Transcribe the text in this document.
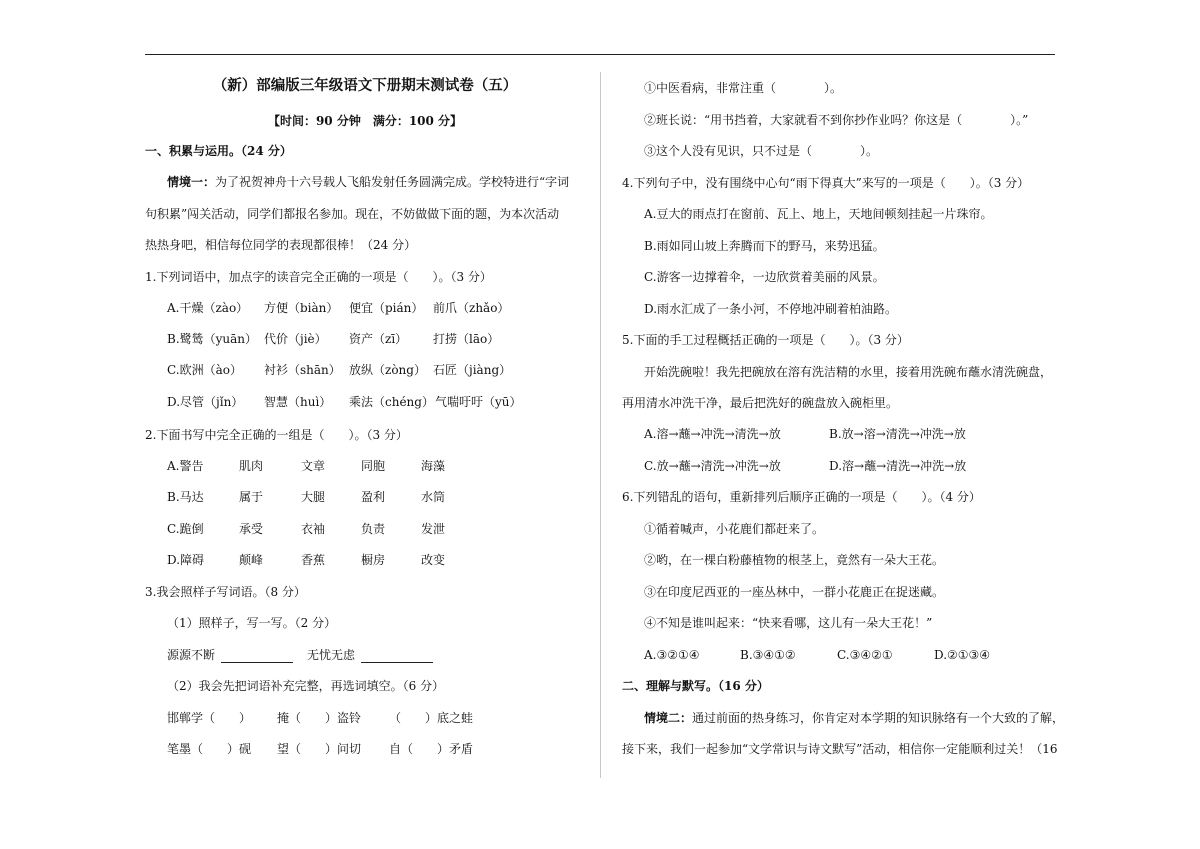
（新）部编版三年级语文下册期末测试卷（五）
【时间：90 分钟　满分：100 分】
一、积累与运用。（24 分）
情境一：为了祝贺神舟十六号载人飞船发射任务圆满完成。学校特进行“字词
句积累”闯关活动，同学们都报名参加。现在，不妨做做下面的题，为本次活动
热热身吧，相信每位同学的表现都很棒！（24 分）
1.下列词语中，加点字的读音完全正确的一项是（　　）。（3 分）
A.干燥（zào） 方便（biàn） 便宜（pián） 前爪（zhǎo）
B.鹭鸶（yuān） 代价（jiè） 资产（zī） 打捞（lāo）
C.欧洲（ào） 衬衫（shān） 放纵（zòng） 石匠（jiàng）
D.尽管（jǐn） 智慧（huì） 乘法（chéng）气喘吁吁（yū）
2.下面书写中完全正确的一组是（　　）。（3 分）
A.警告	肌肉	文章	同胞	海藻
B.马达	属于	大腿	盈利	水筒
C.跪倒	承受	衣袖	负责	发泄
D.障碍	颠峰	香蕉	橱房	改变
3.我会照样子写词语。（8 分）
（1）照样子，写一写。（2 分）
源源不断	无忧无虑
（2）我会先把词语补充完整，再选词填空。（6 分）
邯郸学（　　） 掩（　　）盗铃 （　　）底之蛙
笔墨（　　）砚 望（　　）问切 自（　　）矛盾
①中医看病，非常注重（　　　　）。
②班长说：“用书挡着，大家就看不到你抄作业吗？你这是（　　　　）。”
③这个人没有见识，只不过是（　　　　）。
4.下列句子中，没有围绕中心句“雨下得真大”来写的一项是（　　）。（3 分）
A.豆大的雨点打在窗前、瓦上、地上，天地间顿刻挂起一片珠帘。
B.雨如同山坡上奔腾而下的野马，来势迅猛。
C.游客一边撑着伞，一边欣赏着美丽的风景。
D.雨水汇成了一条小河，不停地冲刷着柏油路。
5.下面的手工过程概括正确的一项是（　　）。（3 分）
开始洗碗啦！我先把碗放在溶有洗洁精的水里，接着用洗碗布蘸水清洗碗盘，
再用清水冲洗干净，最后把洗好的碗盘放入碗柜里。
A.溶→蘸→冲洗→清洗→放	B.放→溶→清洗→冲洗→放
C.放→蘸→清洗→冲洗→放	D.溶→蘸→清洗→冲洗→放
6.下列错乱的语句，重新排列后顺序正确的一项是（　　）。（4 分）
①循着喊声，小花鹿们都赶来了。
②哟，在一棵白粉藤植物的根茎上，竟然有一朵大王花。
③在印度尼西亚的一座丛林中，一群小花鹿正在捉迷藏。
④不知是谁叫起来：“快来看哪，这儿有一朵大王花！”
A.③②①④	B.③④①②	C.③④②①	D.②①③④
二、理解与默写。（16 分）
情境二：通过前面的热身练习，你肯定对本学期的知识脉络有一个大致的了解，
接下来，我们一起参加“文学常识与诗文默写”活动，相信你一定能顺利过关！（16
